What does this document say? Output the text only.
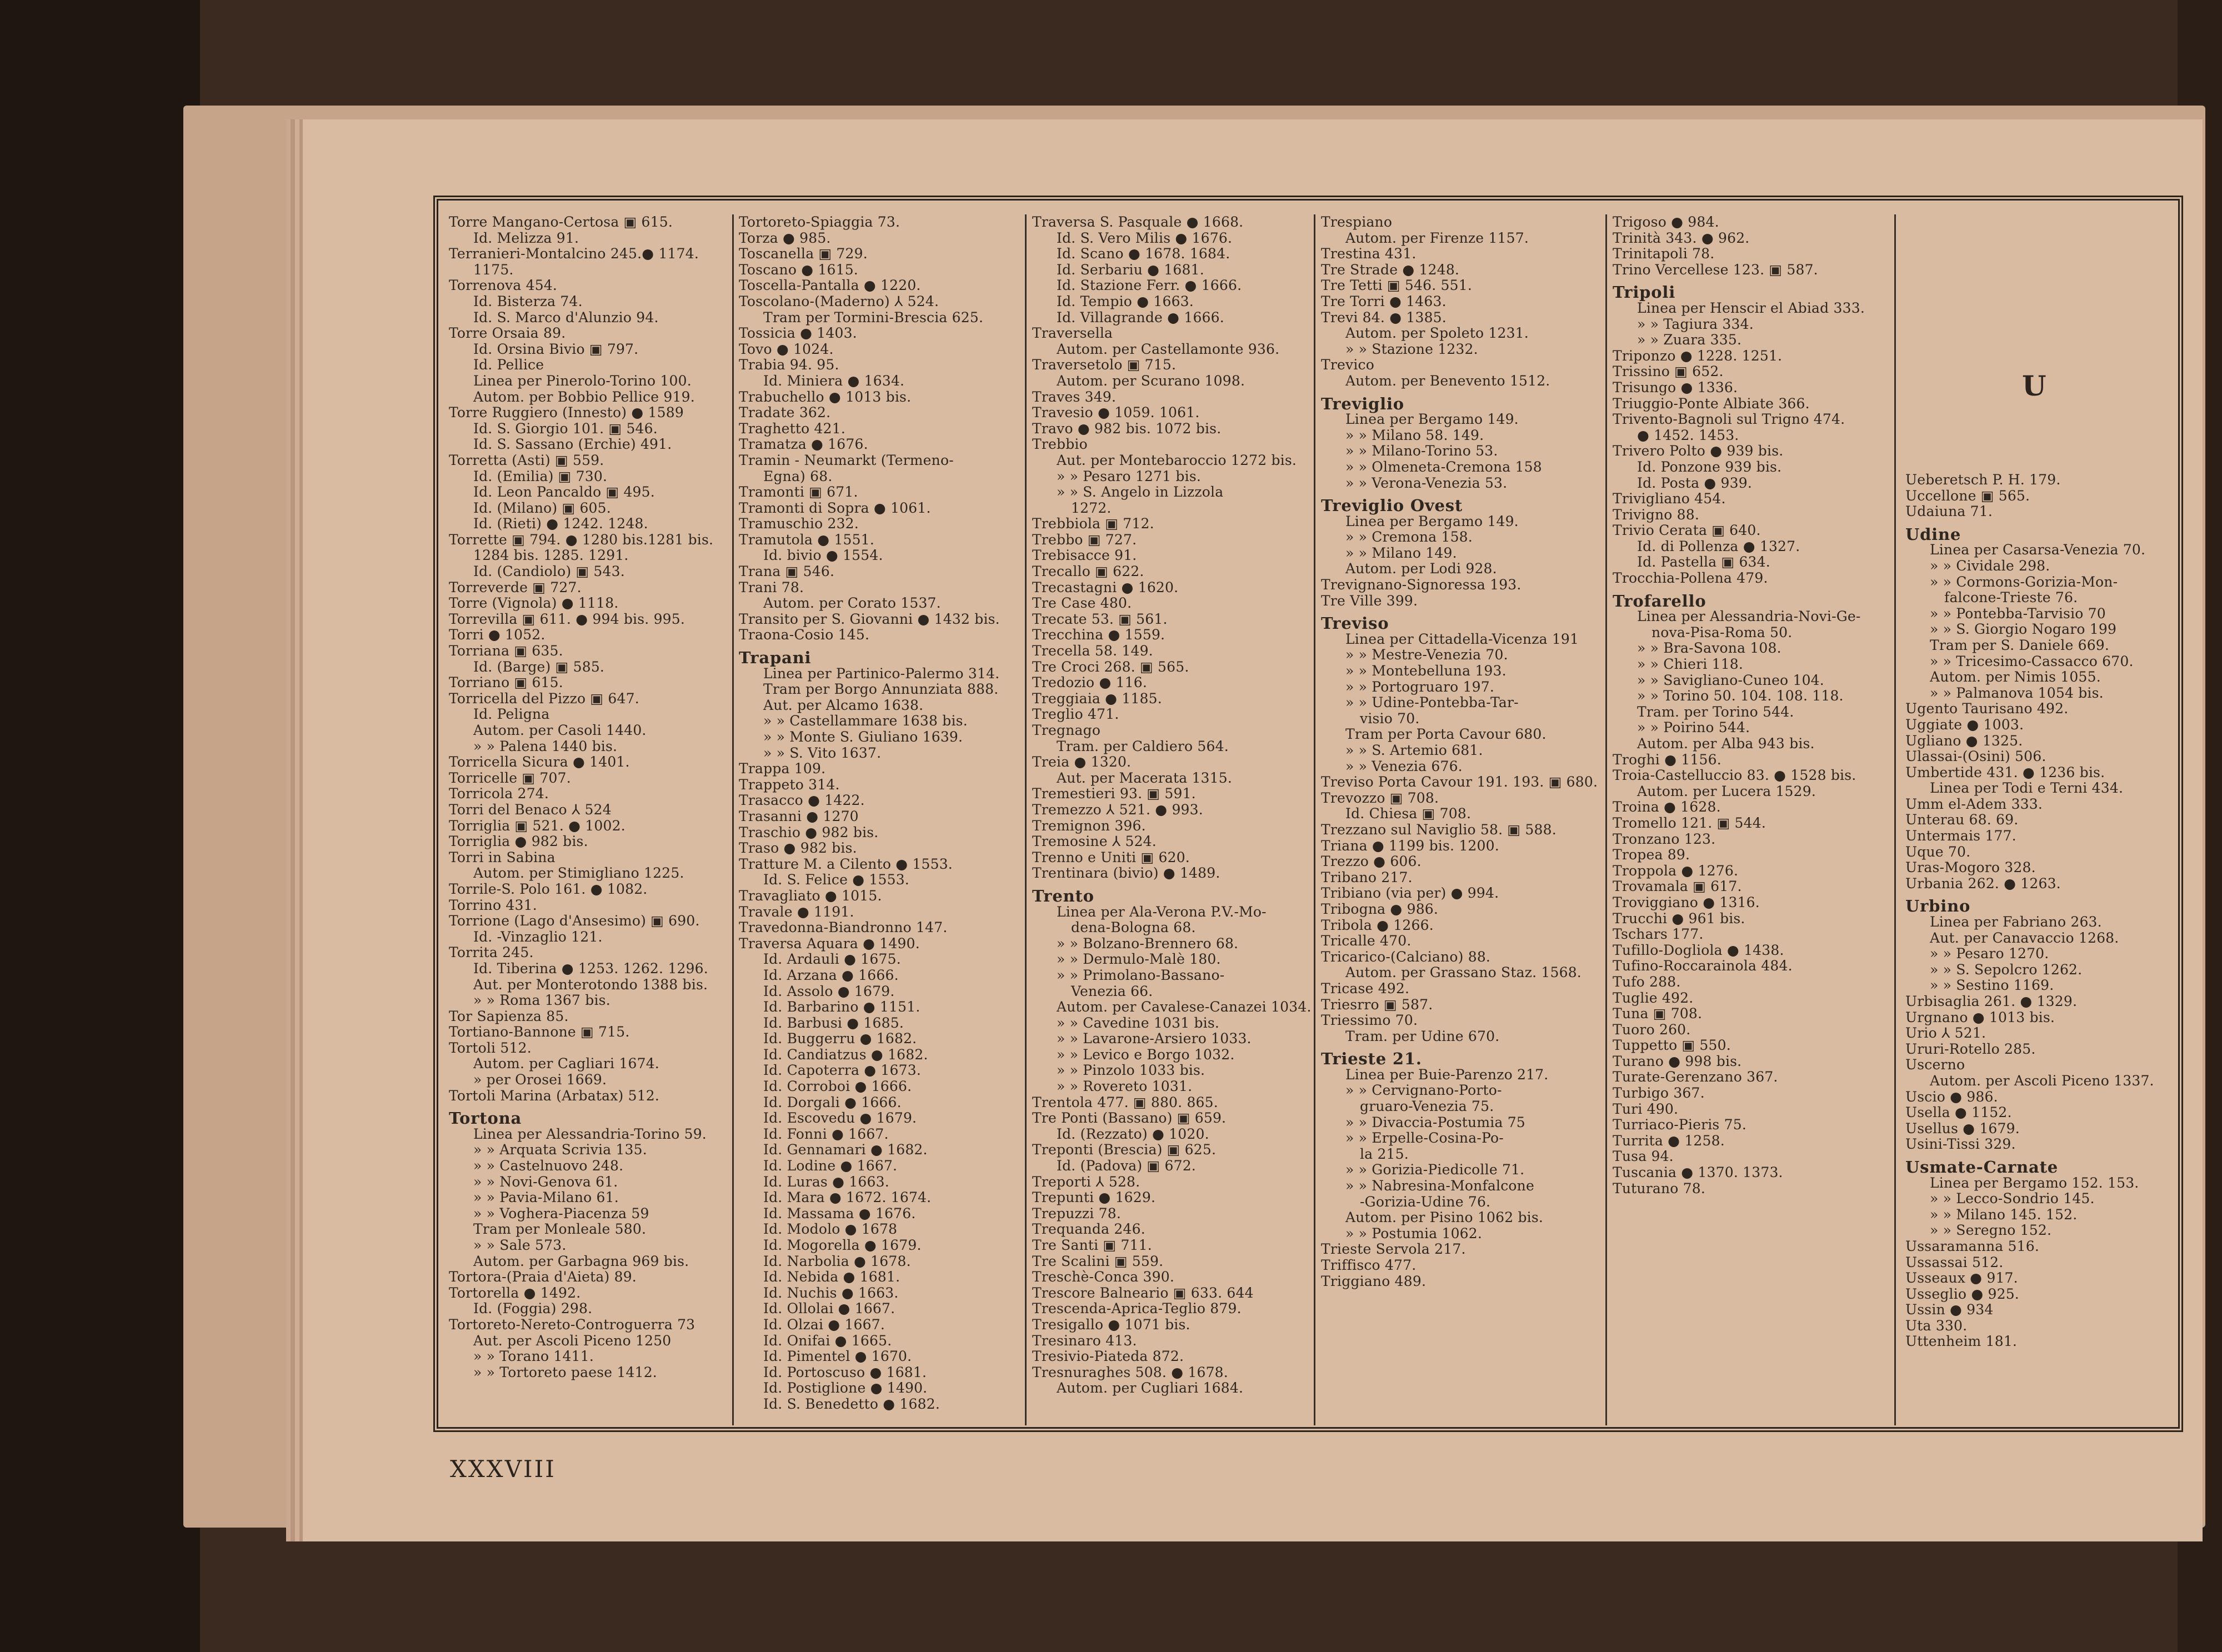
Torre Mangano-Certosa ▣ 615.
Id. Melizza 91.
Terranieri-Montalcino 245.● 1174.
1175.
Torrenova 454.
Id. Bisterza 74.
Id. S. Marco d'Alunzio 94.
Torre Orsaia 89.
Id. Orsina Bivio ▣ 797.
Id. Pellice
Linea per Pinerolo-Torino 100.
Autom. per Bobbio Pellice 919.
Torre Ruggiero (Innesto) ● 1589
Id. S. Giorgio 101. ▣ 546.
Id. S. Sassano (Erchie) 491.
Torretta (Asti) ▣ 559.
Id. (Emilia) ▣ 730.
Id. Leon Pancaldo ▣ 495.
Id. (Milano) ▣ 605.
Id. (Rieti) ● 1242. 1248.
Torrette ▣ 794. ● 1280 bis.1281 bis.
1284 bis. 1285. 1291.
Id. (Candiolo) ▣ 543.
Torreverde ▣ 727.
Torre (Vignola) ● 1118.
Torrevilla ▣ 611. ● 994 bis. 995.
Torri ● 1052.
Torriana ▣ 635.
Id. (Barge) ▣ 585.
Torriano ▣ 615.
Torricella del Pizzo ▣ 647.
Id. Peligna
Autom. per Casoli 1440.
» » Palena 1440 bis.
Torricella Sicura ● 1401.
Torricelle ▣ 707.
Torricola 274.
Torri del Benaco ⅄ 524
Torriglia ▣ 521. ● 1002.
Torriglia ● 982 bis.
Torri in Sabina
Autom. per Stimigliano 1225.
Torrile-S. Polo 161. ● 1082.
Torrino 431.
Torrione (Lago d'Ansesimo) ▣ 690.
Id. -Vinzaglio 121.
Torrita 245.
Id. Tiberina ● 1253. 1262. 1296.
Aut. per Monterotondo 1388 bis.
» » Roma 1367 bis.
Tor Sapienza 85.
Tortiano-Bannone ▣ 715.
Tortoli 512.
Autom. per Cagliari 1674.
» per Orosei 1669.
Tortoli Marina (Arbatax) 512.
Tortona
Linea per Alessandria-Torino 59.
» » Arquata Scrivia 135.
» » Castelnuovo 248.
» » Novi-Genova 61.
» » Pavia-Milano 61.
» » Voghera-Piacenza 59
Tram per Monleale 580.
» » Sale 573.
Autom. per Garbagna 969 bis.
Tortora-(Praia d'Aieta) 89.
Tortorella ● 1492.
Id. (Foggia) 298.
Tortoreto-Nereto-Controguerra 73
Aut. per Ascoli Piceno 1250
» » Torano 1411.
» » Tortoreto paese 1412.
Tortoreto-Spiaggia 73.
Torza ● 985.
Toscanella ▣ 729.
Toscano ● 1615.
Toscella-Pantalla ● 1220.
Toscolano-(Maderno) ⅄ 524.
Tram per Tormini-Brescia 625.
Tossicia ● 1403.
Tovo ● 1024.
Trabia 94. 95.
Id. Miniera ● 1634.
Trabuchello ● 1013 bis.
Tradate 362.
Traghetto 421.
Tramatza ● 1676.
Tramin - Neumarkt (Termeno-
Egna) 68.
Tramonti ▣ 671.
Tramonti di Sopra ● 1061.
Tramuschio 232.
Tramutola ● 1551.
Id. bivio ● 1554.
Trana ▣ 546.
Trani 78.
Autom. per Corato 1537.
Transito per S. Giovanni ● 1432 bis.
Traona-Cosio 145.
Trapani
Linea per Partinico-Palermo 314.
Tram per Borgo Annunziata 888.
Aut. per Alcamo 1638.
» » Castellammare 1638 bis.
» » Monte S. Giuliano 1639.
» » S. Vito 1637.
Trappa 109.
Trappeto 314.
Trasacco ● 1422.
Trasanni ● 1270
Traschio ● 982 bis.
Traso ● 982 bis.
Tratture M. a Cilento ● 1553.
Id. S. Felice ● 1553.
Travagliato ● 1015.
Travale ● 1191.
Travedonna-Biandronno 147.
Traversa Aquara ● 1490.
Id. Ardauli ● 1675.
Id. Arzana ● 1666.
Id. Assolo ● 1679.
Id. Barbarino ● 1151.
Id. Barbusi ● 1685.
Id. Buggerru ● 1682.
Id. Candiatzus ● 1682.
Id. Capoterra ● 1673.
Id. Corroboi ● 1666.
Id. Dorgali ● 1666.
Id. Escovedu ● 1679.
Id. Fonni ● 1667.
Id. Gennamari ● 1682.
Id. Lodine ● 1667.
Id. Luras ● 1663.
Id. Mara ● 1672. 1674.
Id. Massama ● 1676.
Id. Modolo ● 1678
Id. Mogorella ● 1679.
Id. Narbolia ● 1678.
Id. Nebida ● 1681.
Id. Nuchis ● 1663.
Id. Ollolai ● 1667.
Id. Olzai ● 1667.
Id. Onifai ● 1665.
Id. Pimentel ● 1670.
Id. Portoscuso ● 1681.
Id. Postiglione ● 1490.
Id. S. Benedetto ● 1682.
Traversa S. Pasquale ● 1668.
Id. S. Vero Milis ● 1676.
Id. Scano ● 1678. 1684.
Id. Serbariu ● 1681.
Id. Stazione Ferr. ● 1666.
Id. Tempio ● 1663.
Id. Villagrande ● 1666.
Traversella
Autom. per Castellamonte 936.
Traversetolo ▣ 715.
Autom. per Scurano 1098.
Traves 349.
Travesio ● 1059. 1061.
Travo ● 982 bis. 1072 bis.
Trebbio
Aut. per Montebaroccio 1272 bis.
» » Pesaro 1271 bis.
» » S. Angelo in Lizzola
1272.
Trebbiola ▣ 712.
Trebbo ▣ 727.
Trebisacce 91.
Trecallo ▣ 622.
Trecastagni ● 1620.
Tre Case 480.
Trecate 53. ▣ 561.
Trecchina ● 1559.
Trecella 58. 149.
Tre Croci 268. ▣ 565.
Tredozio ● 116.
Treggiaia ● 1185.
Treglio 471.
Tregnago
Tram. per Caldiero 564.
Treia ● 1320.
Aut. per Macerata 1315.
Tremestieri 93. ▣ 591.
Tremezzo ⅄ 521. ● 993.
Tremignon 396.
Tremosine ⅄ 524.
Trenno e Uniti ▣ 620.
Trentinara (bivio) ● 1489.
Trento
Linea per Ala-Verona P.V.-Mo-
dena-Bologna 68.
» » Bolzano-Brennero 68.
» » Dermulo-Malè 180.
» » Primolano-Bassano-
Venezia 66.
Autom. per Cavalese-Canazei 1034.
» » Cavedine 1031 bis.
» » Lavarone-Arsiero 1033.
» » Levico e Borgo 1032.
» » Pinzolo 1033 bis.
» » Rovereto 1031.
Trentola 477. ▣ 880. 865.
Tre Ponti (Bassano) ▣ 659.
Id. (Rezzato) ● 1020.
Treponti (Brescia) ▣ 625.
Id. (Padova) ▣ 672.
Treporti ⅄ 528.
Trepunti ● 1629.
Trepuzzi 78.
Trequanda 246.
Tre Santi ▣ 711.
Tre Scalini ▣ 559.
Treschè-Conca 390.
Trescore Balneario ▣ 633. 644
Trescenda-Aprica-Teglio 879.
Tresigallo ● 1071 bis.
Tresinaro 413.
Tresivio-Piateda 872.
Tresnuraghes 508. ● 1678.
Autom. per Cugliari 1684.
Trespiano
Autom. per Firenze 1157.
Trestina 431.
Tre Strade ● 1248.
Tre Tetti ▣ 546. 551.
Tre Torri ● 1463.
Trevi 84. ● 1385.
Autom. per Spoleto 1231.
» » Stazione 1232.
Trevico
Autom. per Benevento 1512.
Treviglio
Linea per Bergamo 149.
» » Milano 58. 149.
» » Milano-Torino 53.
» » Olmeneta-Cremona 158
» » Verona-Venezia 53.
Treviglio Ovest
Linea per Bergamo 149.
» » Cremona 158.
» » Milano 149.
Autom. per Lodi 928.
Trevignano-Signoressa 193.
Tre Ville 399.
Treviso
Linea per Cittadella-Vicenza 191
» » Mestre-Venezia 70.
» » Montebelluna 193.
» » Portogruaro 197.
» » Udine-Pontebba-Tar-
visio 70.
Tram per Porta Cavour 680.
» » S. Artemio 681.
» » Venezia 676.
Treviso Porta Cavour 191. 193. ▣ 680.
Trevozzo ▣ 708.
Id. Chiesa ▣ 708.
Trezzano sul Naviglio 58. ▣ 588.
Triana ● 1199 bis. 1200.
Trezzo ● 606.
Tribano 217.
Tribiano (via per) ● 994.
Tribogna ● 986.
Tribola ● 1266.
Tricalle 470.
Tricarico-(Calciano) 88.
Autom. per Grassano Staz. 1568.
Tricase 492.
Triesrro ▣ 587.
Triessimo 70.
Tram. per Udine 670.
Trieste 21.
Linea per Buie-Parenzo 217.
» » Cervignano-Porto-
gruaro-Venezia 75.
» » Divaccia-Postumia 75
» » Erpelle-Cosina-Po-
la 215.
» » Gorizia-Piedicolle 71.
» » Nabresina-Monfalcone
-Gorizia-Udine 76.
Autom. per Pisino 1062 bis.
» » Postumia 1062.
Trieste Servola 217.
Triffisco 477.
Triggiano 489.
Trigoso ● 984.
Trinità 343. ● 962.
Trinitapoli 78.
Trino Vercellese 123. ▣ 587.
Tripoli
Linea per Henscir el Abiad 333.
» » Tagiura 334.
» » Zuara 335.
Triponzo ● 1228. 1251.
Trissino ▣ 652.
Trisungo ● 1336.
Triuggio-Ponte Albiate 366.
Trivento-Bagnoli sul Trigno 474.
● 1452. 1453.
Triverо Polto ● 939 bis.
Id. Ponzone 939 bis.
Id. Posta ● 939.
Trivigliano 454.
Trivigno 88.
Trivio Cerata ▣ 640.
Id. di Pollenza ● 1327.
Id. Pastella ▣ 634.
Trocchia-Pollena 479.
Trofarello
Linea per Alessandria-Novi-Ge-
nova-Pisa-Roma 50.
» » Bra-Savona 108.
» » Chieri 118.
» » Savigliano-Cuneo 104.
» » Torino 50. 104. 108. 118.
Tram. per Torino 544.
» » Poirino 544.
Autom. per Alba 943 bis.
Troghi ● 1156.
Troia-Castelluccio 83. ● 1528 bis.
Autom. per Lucera 1529.
Troina ● 1628.
Tromello 121. ▣ 544.
Tronzano 123.
Tropea 89.
Troppola ● 1276.
Trovamala ▣ 617.
Troviggiano ● 1316.
Trucchi ● 961 bis.
Tschars 177.
Tufillo-Dogliola ● 1438.
Tufino-Roccarainola 484.
Tufo 288.
Tuglie 492.
Tuna ▣ 708.
Tuoro 260.
Tuppetto ▣ 550.
Turano ● 998 bis.
Turate-Gerenzano 367.
Turbigo 367.
Turi 490.
Turriaco-Pieris 75.
Turrita ● 1258.
Tusa 94.
Tuscania ● 1370. 1373.
Tuturano 78.
Ueberetsch P. H. 179.
Uccellone ▣ 565.
Udaiuna 71.
Udine
Linea per Casarsa-Venezia 70.
» » Cividale 298.
» » Cormons-Gorizia-Mon-
falcone-Trieste 76.
» » Pontebba-Tarvisio 70
» » S. Giorgio Nogaro 199
Tram per S. Daniele 669.
» » Tricesimo-Cassacco 670.
Autom. per Nimis 1055.
» » Palmanova 1054 bis.
Ugento Taurisano 492.
Uggiate ● 1003.
Ugliano ● 1325.
Ulassai-(Osini) 506.
Umbertide 431. ● 1236 bis.
Linea per Todi e Terni 434.
Umm el-Adem 333.
Unterau 68. 69.
Untermais 177.
Uque 70.
Uras-Mogoro 328.
Urbania 262. ● 1263.
Urbino
Linea per Fabriano 263.
Aut. per Canavaccio 1268.
» » Pesaro 1270.
» » S. Sepolcro 1262.
» » Sestino 1169.
Urbisaglia 261. ● 1329.
Urgnano ● 1013 bis.
Urio ⅄ 521.
Ururi-Rotello 285.
Uscerno
Autom. per Ascoli Piceno 1337.
Uscio ● 986.
Usella ● 1152.
Usellus ● 1679.
Usini-Tissi 329.
Usmate-Carnate
Linea per Bergamo 152. 153.
» » Lecco-Sondrio 145.
» » Milano 145. 152.
» » Seregno 152.
Ussaramanna 516.
Ussassai 512.
Usseaux ● 917.
Usseglio ● 925.
Ussin ● 934
Uta 330.
Uttenheim 181.
U
XXXVIII
